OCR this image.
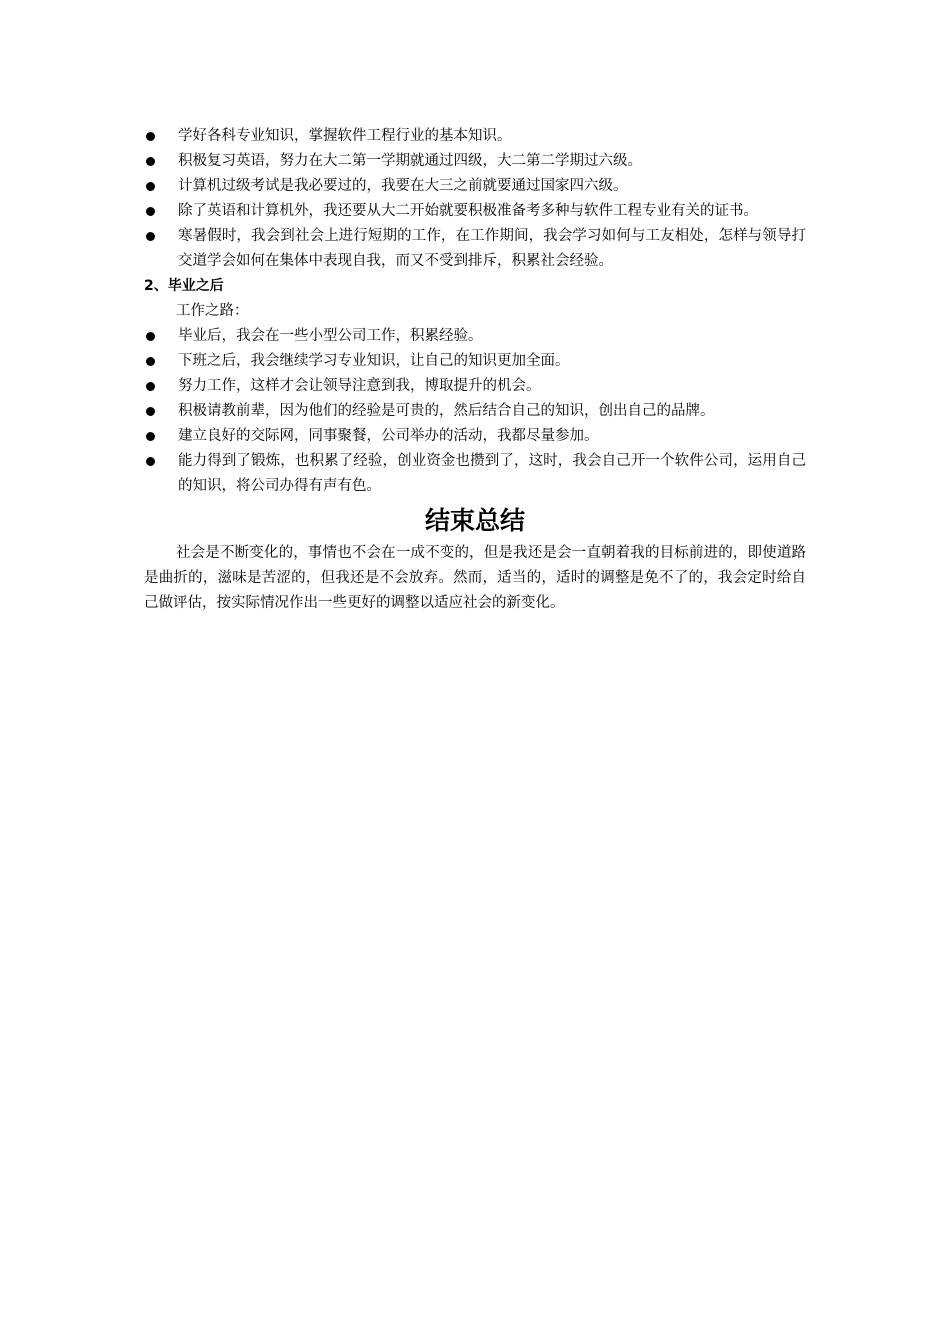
学好各科专业知识，掌握软件工程行业的基本知识。
积极复习英语，努力在大二第一学期就通过四级，大二第二学期过六级。
计算机过级考试是我必要过的，我要在大三之前就要通过国家四六级。
除了英语和计算机外，我还要从大二开始就要积极准备考多种与软件工程专业有关的证书。
寒暑假时，我会到社会上进行短期的工作，在工作期间，我会学习如何与工友相处，怎样与领导打交道学会如何在集体中表现自我，而又不受到排斥，积累社会经验。
2、毕业之后

工作之路：

毕业后，我会在一些小型公司工作，积累经验。
下班之后，我会继续学习专业知识，让自己的知识更加全面。
努力工作，这样才会让领导注意到我，博取提升的机会。
积极请教前辈，因为他们的经验是可贵的，然后结合自己的知识，创出自己的品牌。
建立良好的交际网，同事聚餐，公司举办的活动，我都尽量参加。
能力得到了锻炼，也积累了经验，创业资金也攒到了，这时，我会自己开一个软件公司，运用自己的知识，将公司办得有声有色。
结束总结

社会是不断变化的，事情也不会在一成不变的，但是我还是会一直朝着我的目标前进的，即使道路是曲折的，滋味是苦涩的，但我还是不会放弃。然而，适当的，适时的调整是免不了的，我会定时给自己做评估，按实际情况作出一些更好的调整以适应社会的新变化。
